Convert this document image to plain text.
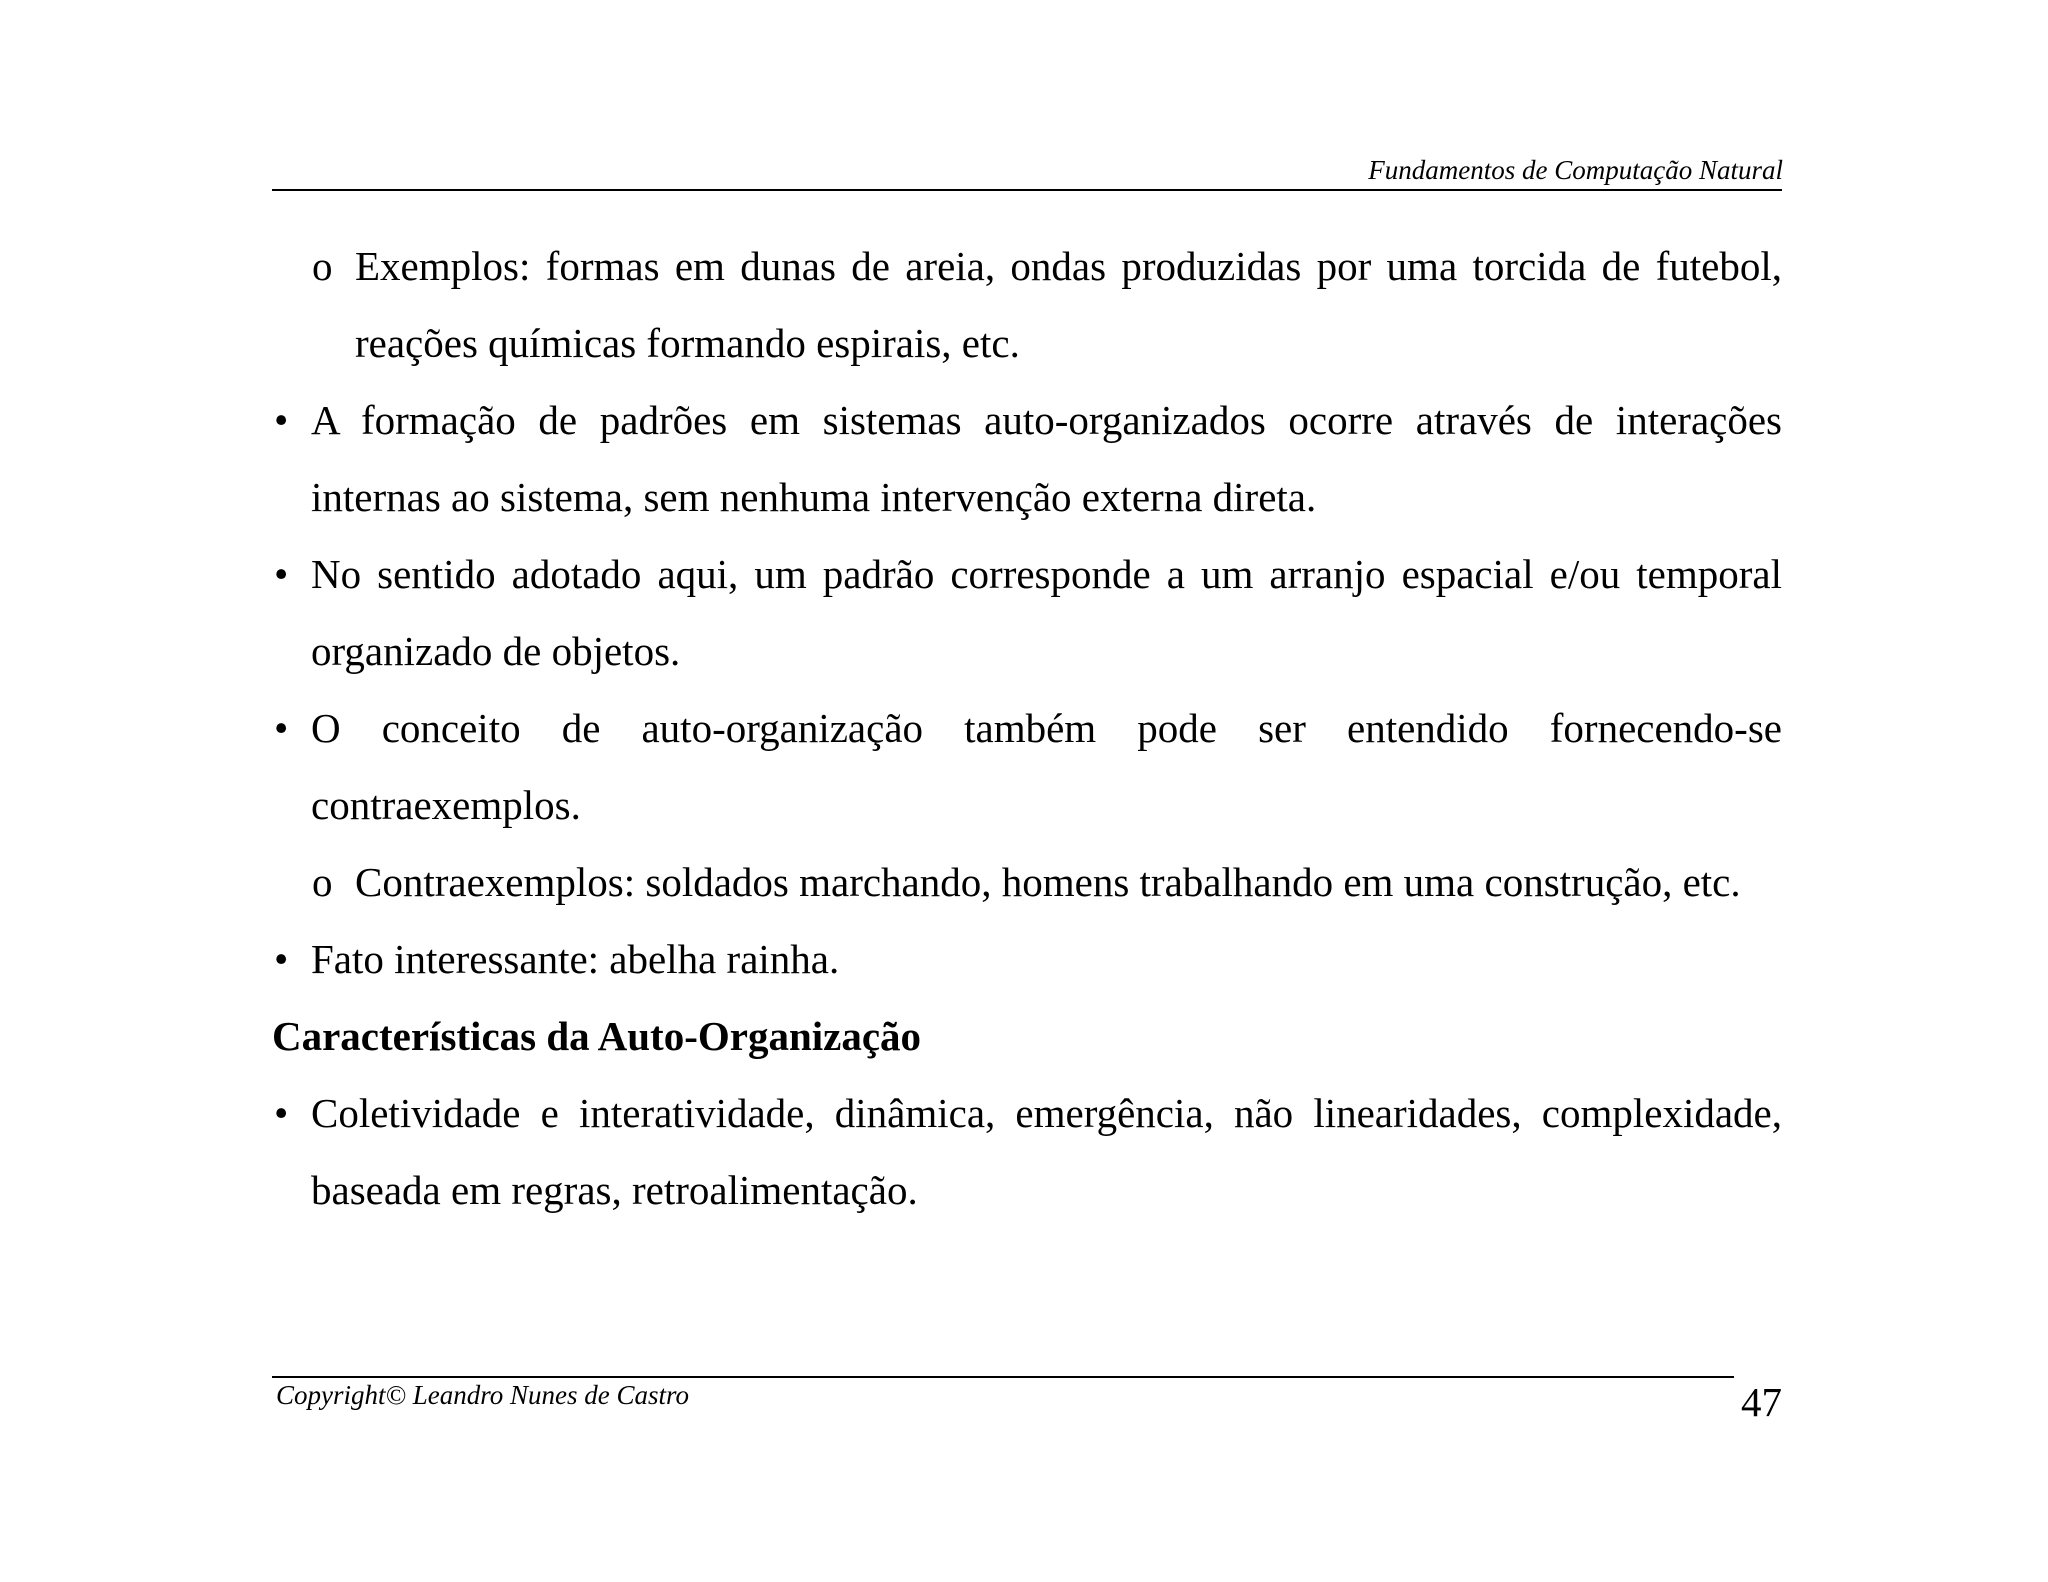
Fundamentos de Computação Natural
o Exemplos: formas em dunas de areia, ondas produzidas por uma torcida de futebol, reações químicas formando espirais, etc.
• A formação de padrões em sistemas auto-organizados ocorre através de interações internas ao sistema, sem nenhuma intervenção externa direta.
• No sentido adotado aqui, um padrão corresponde a um arranjo espacial e/ou temporal organizado de objetos.
• O conceito de auto-organização também pode ser entendido fornecendo-se contraexemplos.
o Contraexemplos: soldados marchando, homens trabalhando em uma construção, etc.
• Fato interessante: abelha rainha.
Características da Auto-Organização
• Coletividade e interatividade, dinâmica, emergência, não linearidades, complexidade, baseada em regras, retroalimentação.
Copyright© Leandro Nunes de Castro	47
